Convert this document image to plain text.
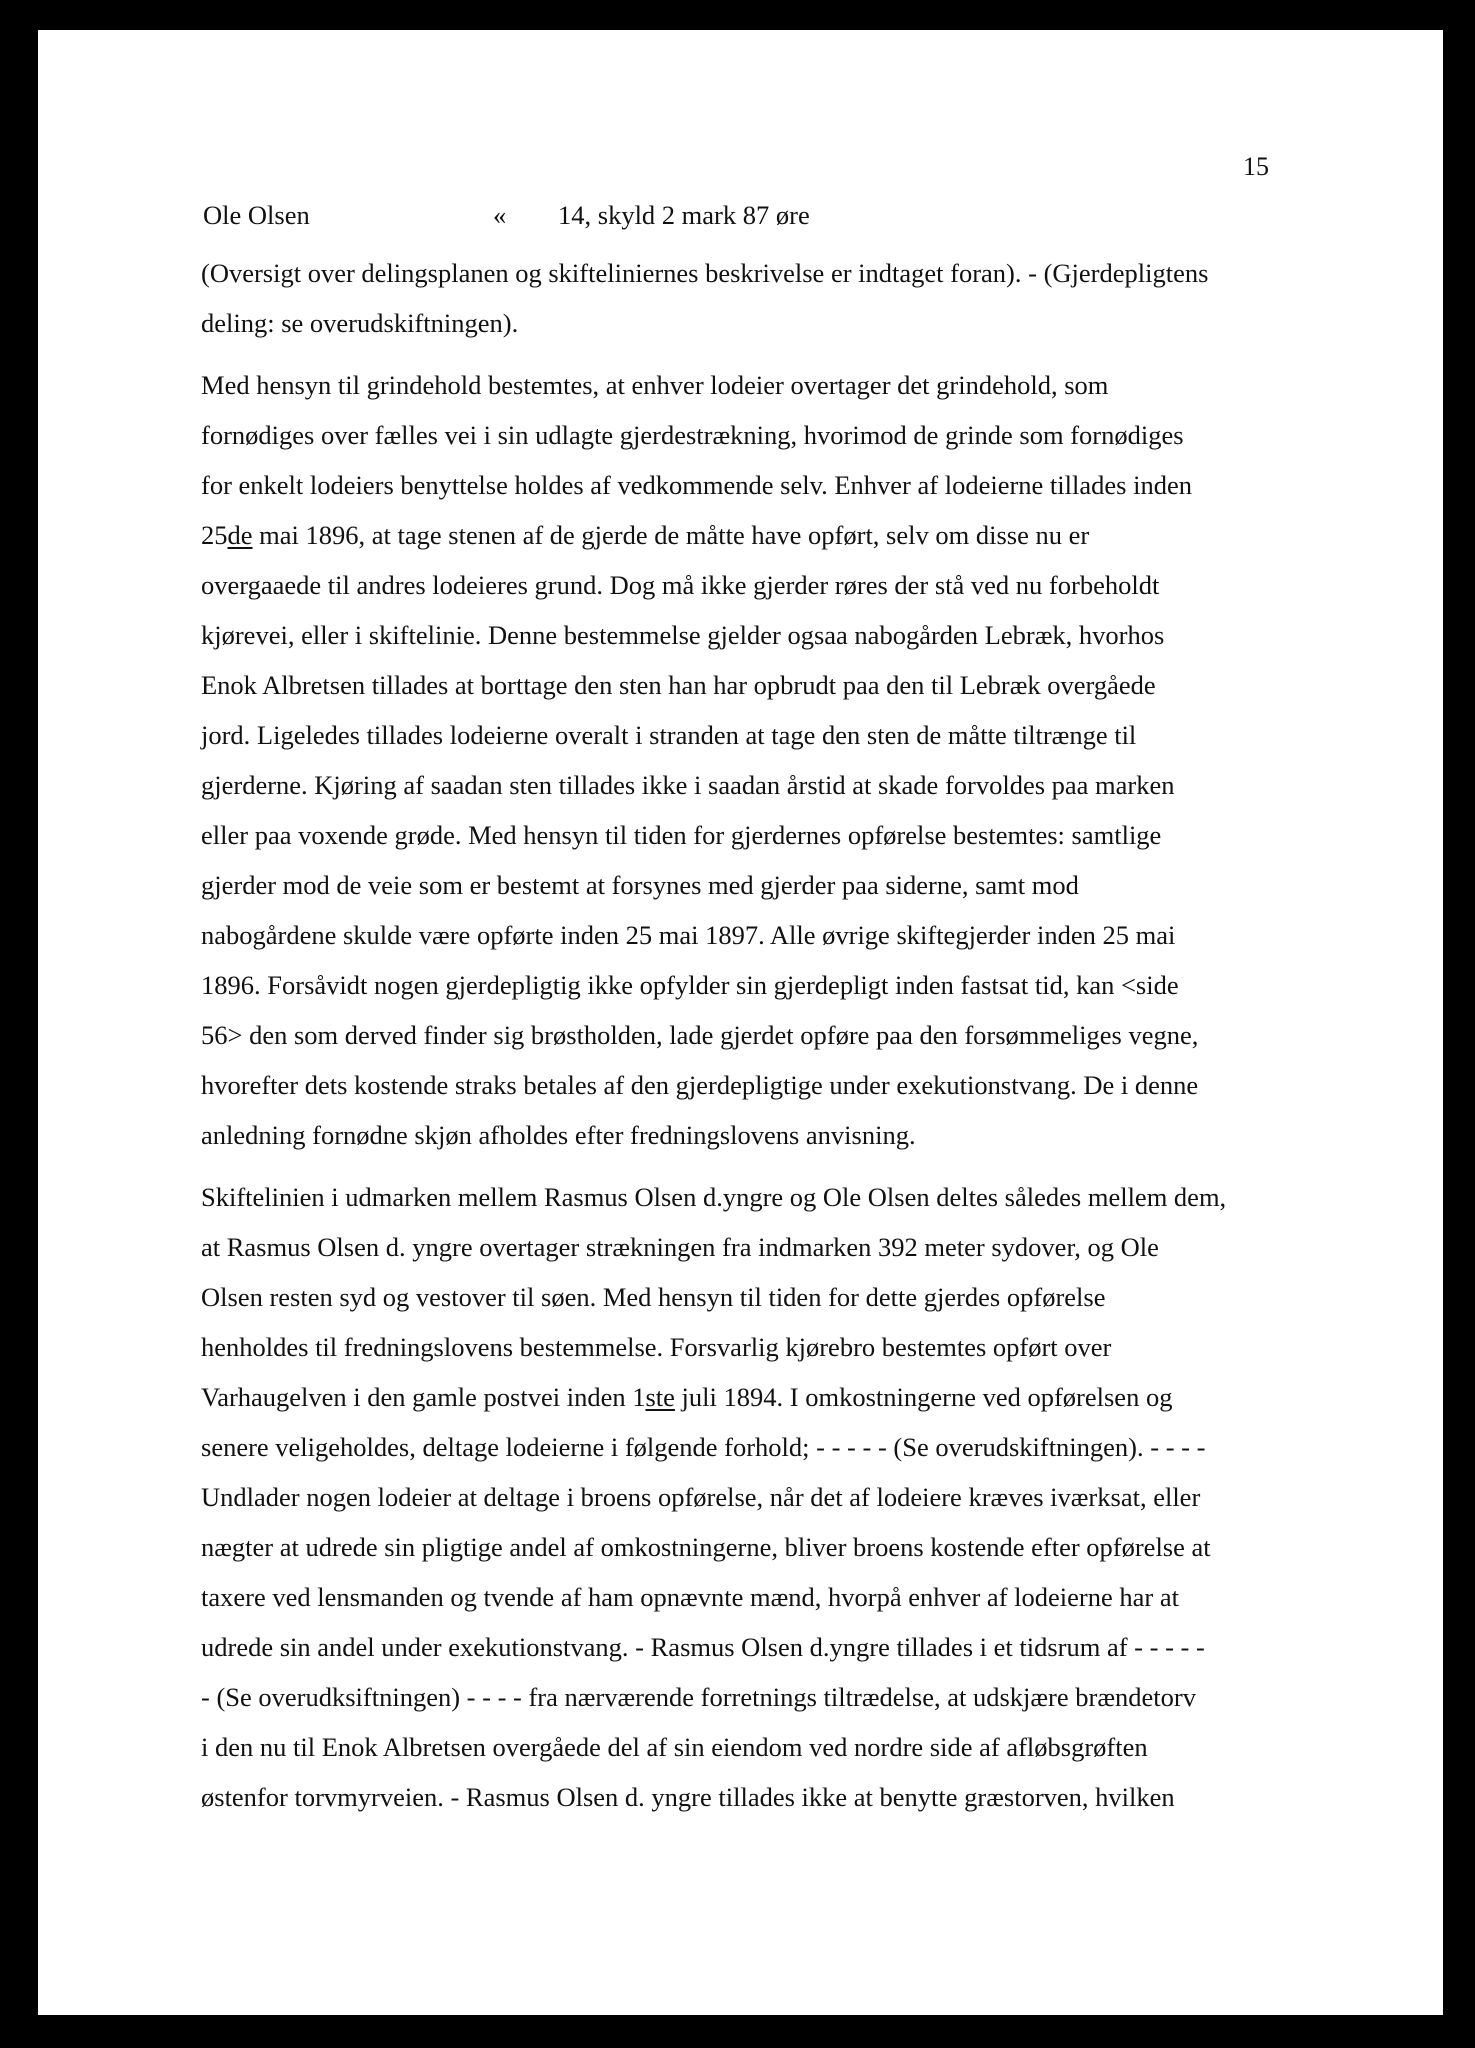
15
Ole Olsen	« 14, skyld 2 mark 87 øre
(Oversigt over delingsplanen og skifteliniernes beskrivelse er indtaget foran). - (Gjerdepligtens
deling: se overudskiftningen).
Med hensyn til grindehold bestemtes, at enhver lodeier overtager det grindehold, som
fornødiges over fælles vei i sin udlagte gjerdestrækning, hvorimod de grinde som fornødiges
for enkelt lodeiers benyttelse holdes af vedkommende selv. Enhver af lodeierne tillades inden
25de mai 1896, at tage stenen af de gjerde de måtte have opført, selv om disse nu er
overgaaede til andres lodeieres grund. Dog må ikke gjerder røres der stå ved nu forbeholdt
kjørevei, eller i skiftelinie. Denne bestemmelse gjelder ogsaa nabogården Lebræk, hvorhos
Enok Albretsen tillades at borttage den sten han har opbrudt paa den til Lebræk overgåede
jord. Ligeledes tillades lodeierne overalt i stranden at tage den sten de måtte tiltrænge til
gjerderne. Kjøring af saadan sten tillades ikke i saadan årstid at skade forvoldes paa marken
eller paa voxende grøde. Med hensyn til tiden for gjerdernes opførelse bestemtes: samtlige
gjerder mod de veie som er bestemt at forsynes med gjerder paa siderne, samt mod
nabogårdene skulde være opførte inden 25 mai 1897. Alle øvrige skiftegjerder inden 25 mai
1896. Forsåvidt nogen gjerdepligtig ikke opfylder sin gjerdepligt inden fastsat tid, kan <side
56> den som derved finder sig brøstholden, lade gjerdet opføre paa den forsømmeliges vegne,
hvorefter dets kostende straks betales af den gjerdepligtige under exekutionstvang. De i denne
anledning fornødne skjøn afholdes efter fredningslovens anvisning.
Skiftelinien i udmarken mellem Rasmus Olsen d.yngre og Ole Olsen deltes således mellem dem,
at Rasmus Olsen d. yngre overtager strækningen fra indmarken 392 meter sydover, og Ole
Olsen resten syd og vestover til søen. Med hensyn til tiden for dette gjerdes opførelse
henholdes til fredningslovens bestemmelse. Forsvarlig kjørebro bestemtes opført over
Varhaugelven i den gamle postvei inden 1ste juli 1894. I omkostningerne ved opførelsen og
senere veligeholdes, deltage lodeierne i følgende forhold; - - - - - (Se overudskiftningen). - - - -
Undlader nogen lodeier at deltage i broens opførelse, når det af lodeiere kræves iværksat, eller
nægter at udrede sin pligtige andel af omkostningerne, bliver broens kostende efter opførelse at
taxere ved lensmanden og tvende af ham opnævnte mænd, hvorpå enhver af lodeierne har at
udrede sin andel under exekutionstvang. - Rasmus Olsen d.yngre tillades i et tidsrum af - - - - -
- (Se overudksiftningen) - - - - fra nærværende forretnings tiltrædelse, at udskjære brændetorv
i den nu til Enok Albretsen overgåede del af sin eiendom ved nordre side af afløbsgrøften
østenfor torvmyrveien. - Rasmus Olsen d. yngre tillades ikke at benytte græstorven, hvilken
